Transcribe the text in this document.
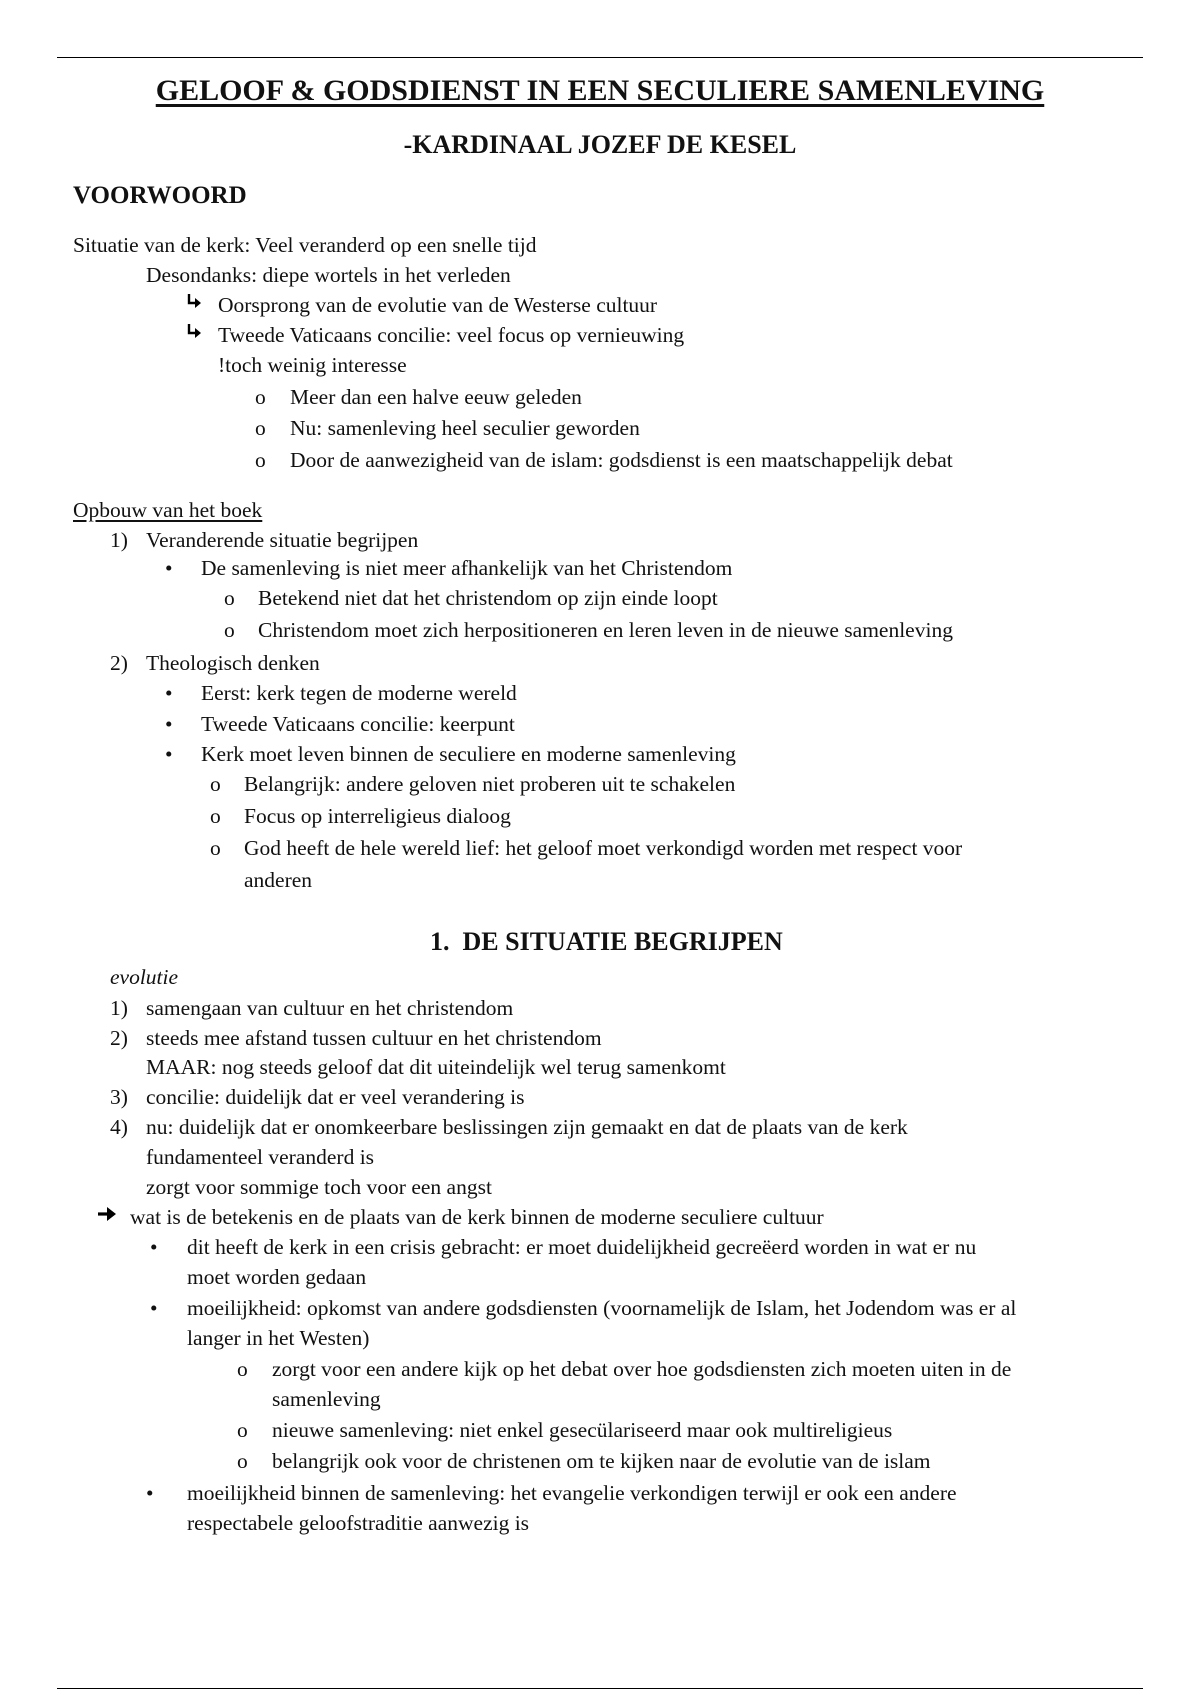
GELOOF & GODSDIENST IN EEN SECULIERE SAMENLEVING
-KARDINAAL JOZEF DE KESEL
VOORWOORD
Situatie van de kerk: Veel veranderd op een snelle tijd
Desondanks: diepe wortels in het verleden
Oorsprong van de evolutie van de Westerse cultuur
Tweede Vaticaans concilie: veel focus op vernieuwing
!toch weinig interesse
o Meer dan een halve eeuw geleden
o Nu: samenleving heel seculier geworden
o Door de aanwezigheid van de islam: godsdienst is een maatschappelijk debat
Opbouw van het boek
1) Veranderende situatie begrijpen
• De samenleving is niet meer afhankelijk van het Christendom
o Betekend niet dat het christendom op zijn einde loopt
o Christendom moet zich herpositioneren en leren leven in de nieuwe samenleving
2) Theologisch denken
• Eerst: kerk tegen de moderne wereld
• Tweede Vaticaans concilie: keerpunt
• Kerk moet leven binnen de seculiere en moderne samenleving
o Belangrijk: andere geloven niet proberen uit te schakelen
o Focus op interreligieus dialoog
o God heeft de hele wereld lief: het geloof moet verkondigd worden met respect voor
anderen
1. DE SITUATIE BEGRIJPEN
evolutie
1) samengaan van cultuur en het christendom
2) steeds mee afstand tussen cultuur en het christendom
MAAR: nog steeds geloof dat dit uiteindelijk wel terug samenkomt
3) concilie: duidelijk dat er veel verandering is
4) nu: duidelijk dat er onomkeerbare beslissingen zijn gemaakt en dat de plaats van de kerk
fundamenteel veranderd is
zorgt voor sommige toch voor een angst
wat is de betekenis en de plaats van de kerk binnen de moderne seculiere cultuur
• dit heeft de kerk in een crisis gebracht: er moet duidelijkheid gecreëerd worden in wat er nu
moet worden gedaan
• moeilijkheid: opkomst van andere godsdiensten (voornamelijk de Islam, het Jodendom was er al
langer in het Westen)
o zorgt voor een andere kijk op het debat over hoe godsdiensten zich moeten uiten in de
samenleving
o nieuwe samenleving: niet enkel gesecülariseerd maar ook multireligieus
o belangrijk ook voor de christenen om te kijken naar de evolutie van de islam
• moeilijkheid binnen de samenleving: het evangelie verkondigen terwijl er ook een andere
respectabele geloofstraditie aanwezig is
